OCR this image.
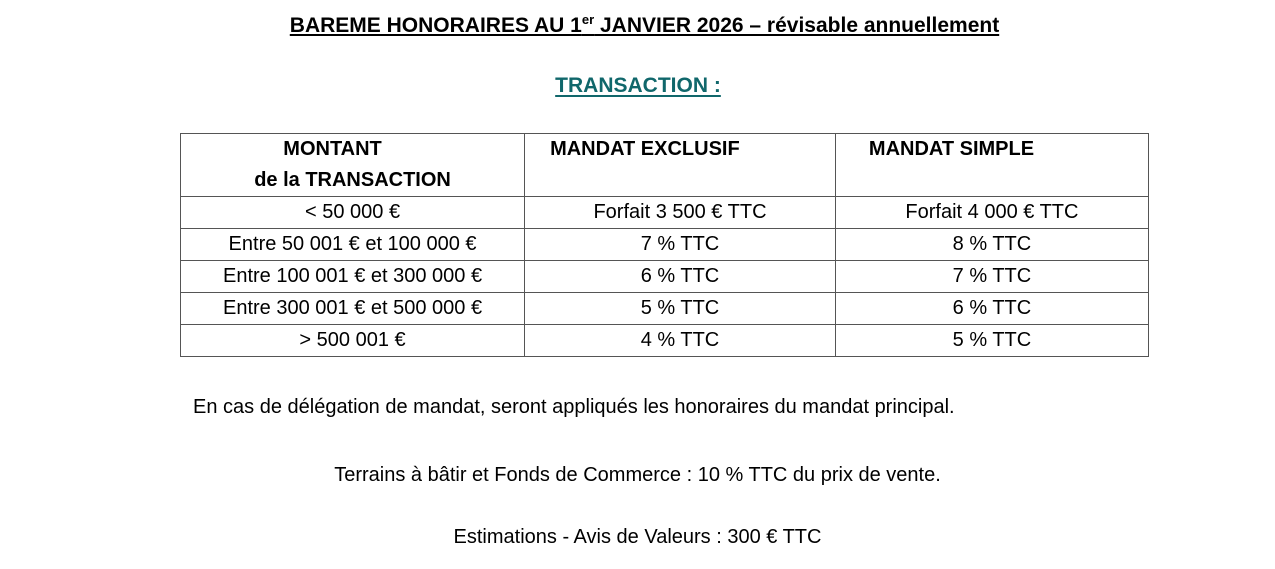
BAREME HONORAIRES AU 1er JANVIER 2026 – révisable annuellement
TRANSACTION :
MONTANT
de la TRANSACTION	MANDAT EXCLUSIF	MANDAT SIMPLE
< 50 000 €	Forfait 3 500 € TTC	Forfait 4 000 € TTC
Entre 50 001 € et 100 000 €	7 % TTC	8 % TTC
Entre 100 001 € et 300 000 €	6 % TTC	7 % TTC
Entre 300 001 € et 500 000 €	5 % TTC	6 % TTC
> 500 001 €	4 % TTC	5 % TTC
En cas de délégation de mandat, seront appliqués les honoraires du mandat principal.
Terrains à bâtir et Fonds de Commerce : 10 % TTC du prix de vente.
Estimations - Avis de Valeurs : 300 € TTC
